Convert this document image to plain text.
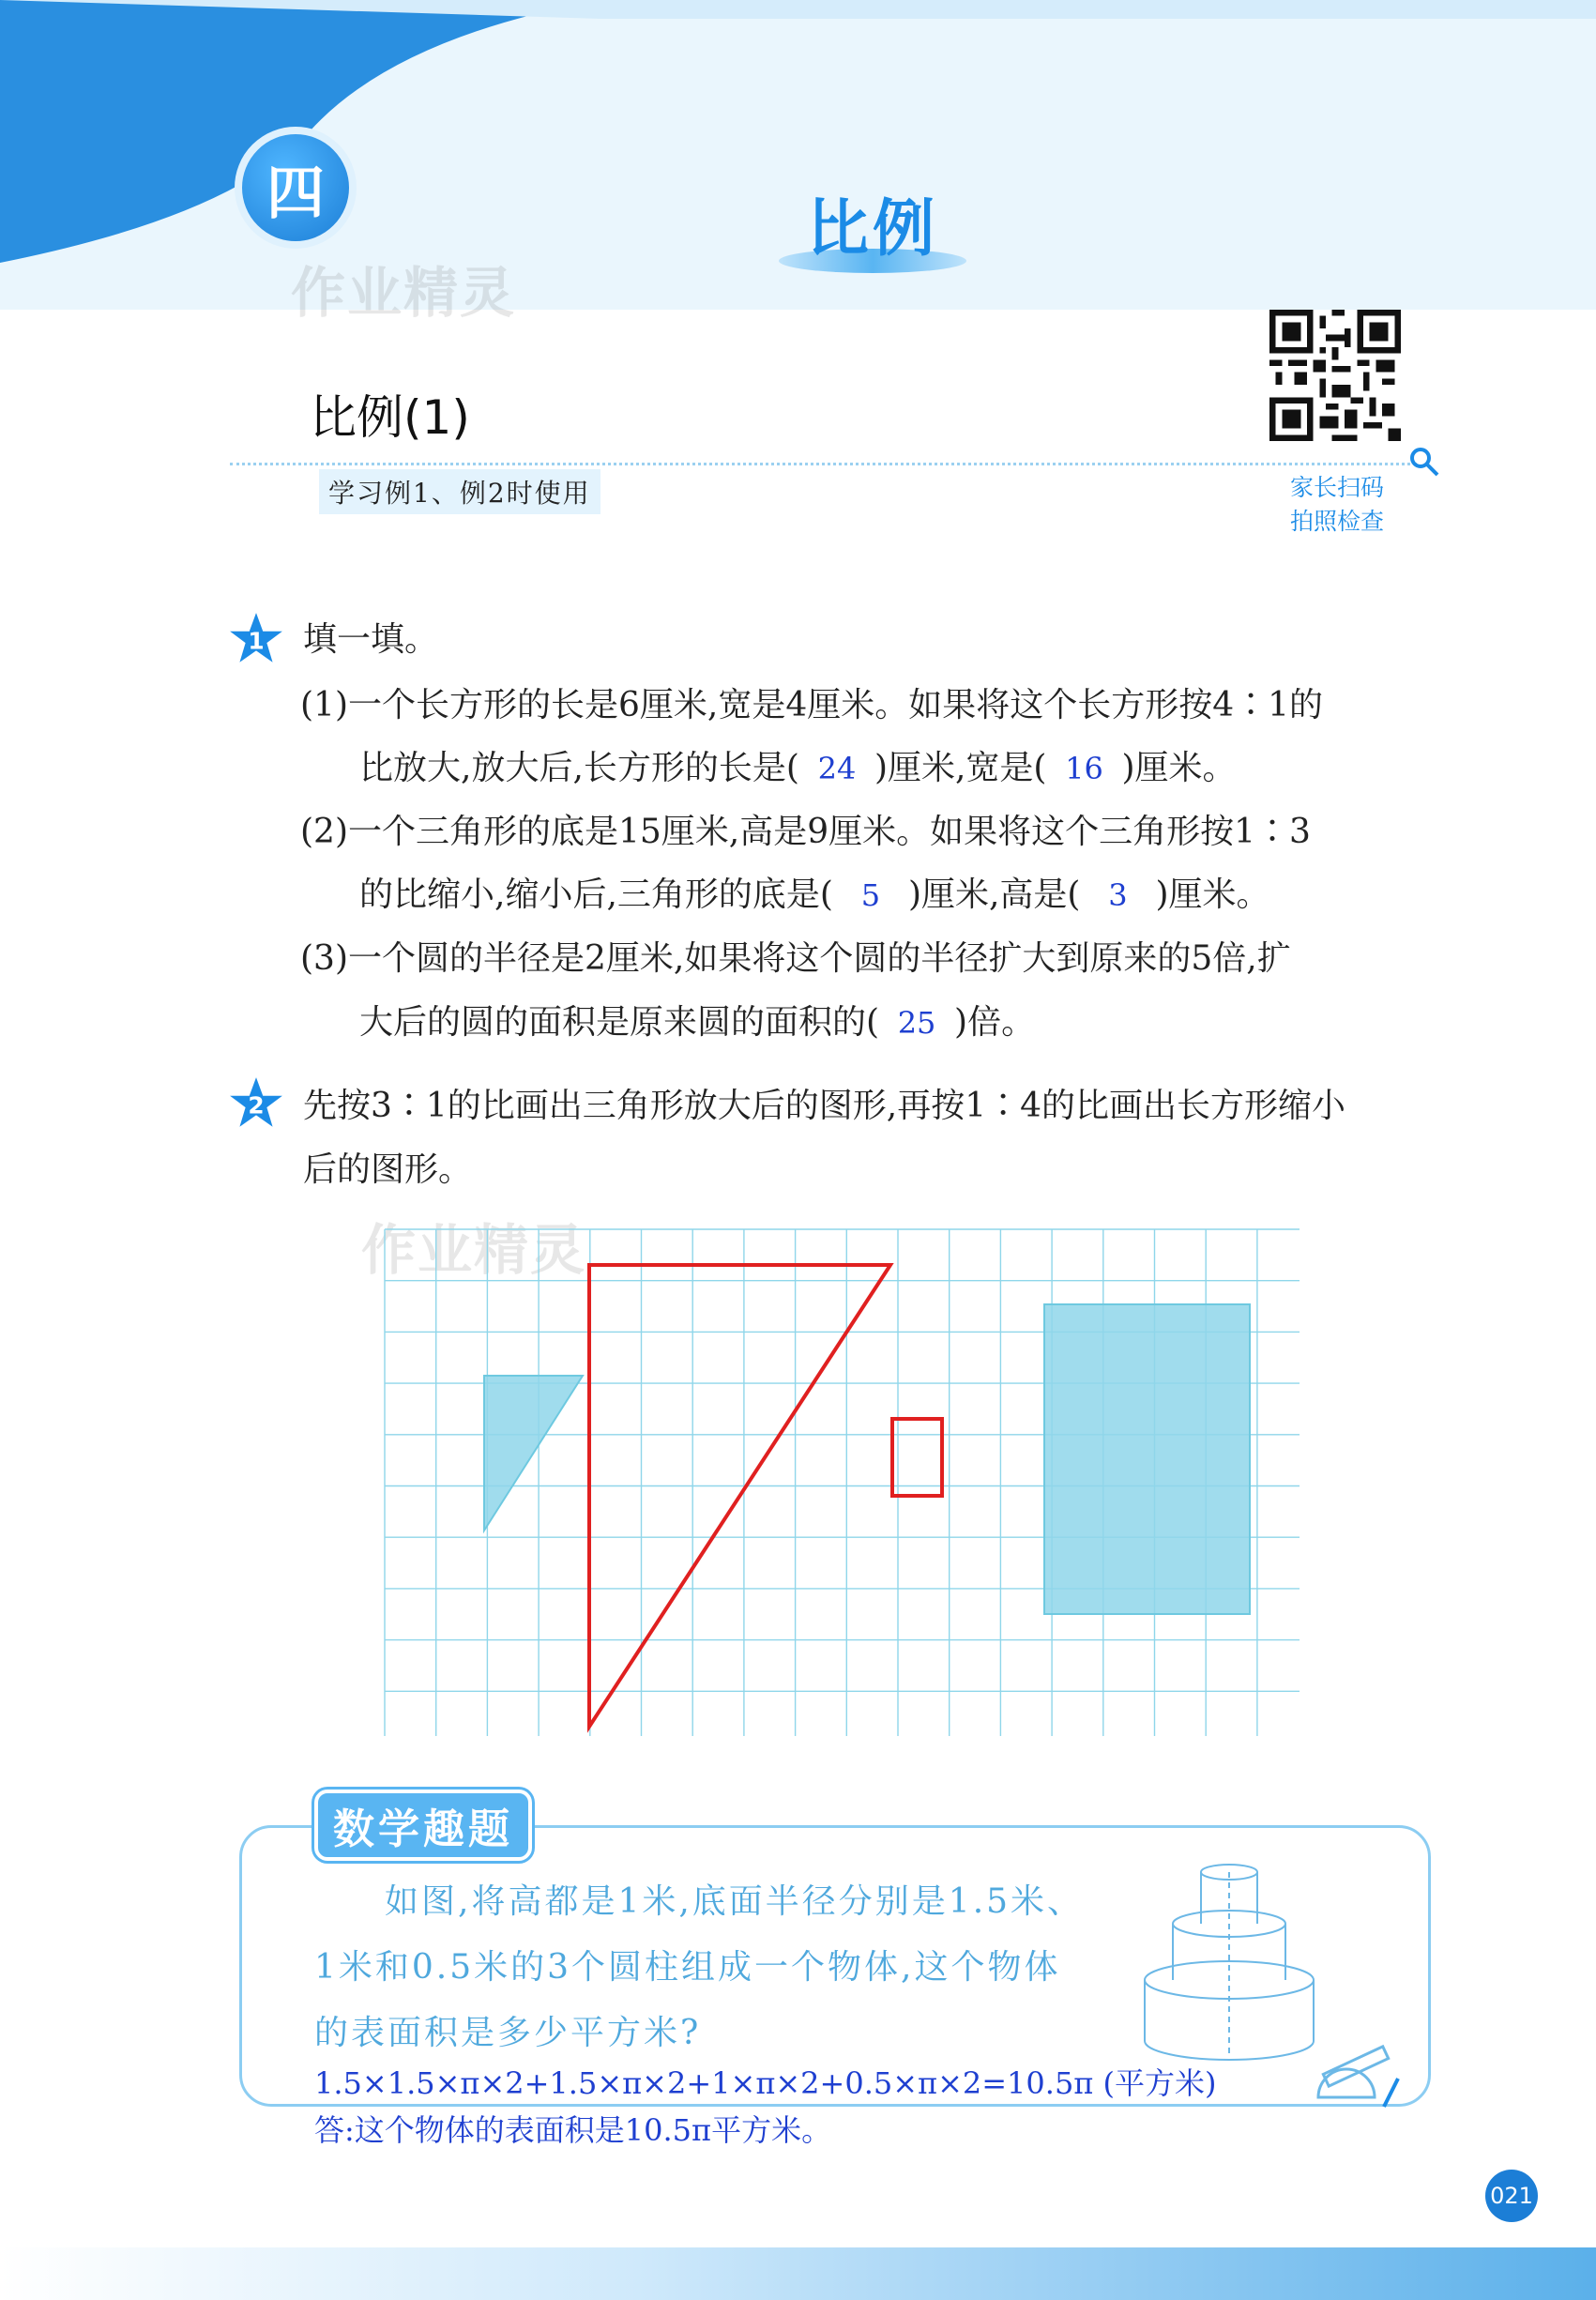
四
作业精灵
比例
比例(1)
学习例1、例2时使用	家长扫码
拍照检查
1 填一填。
(1)一个长方形的长是6厘米,宽是4厘米。如果将这个长方形按4∶1的
比放大,放大后,长方形的长是( 24 )厘米,宽是( 16 )厘米。
(2)一个三角形的底是15厘米,高是9厘米。如果将这个三角形按1∶3
的比缩小,缩小后,三角形的底是( 5 )厘米,高是( 3 )厘米。
(3)一个圆的半径是2厘米,如果将这个圆的半径扩大到原来的5倍,扩
大后的圆的面积是原来圆的面积的( 25 )倍。
2 先按3∶1的比画出三角形放大后的图形,再按1∶4的比画出长方形缩小
后的图形。
作业精灵
数学趣题
如图,将高都是1米,底面半径分别是1.5米、
1米和0.5米的3个圆柱组成一个物体,这个物体
的表面积是多少平方米?
1.5×1.5×π×2+1.5×π×2+1×π×2+0.5×π×2=10.5π (平方米)
答:这个物体的表面积是10.5π平方米。
021
